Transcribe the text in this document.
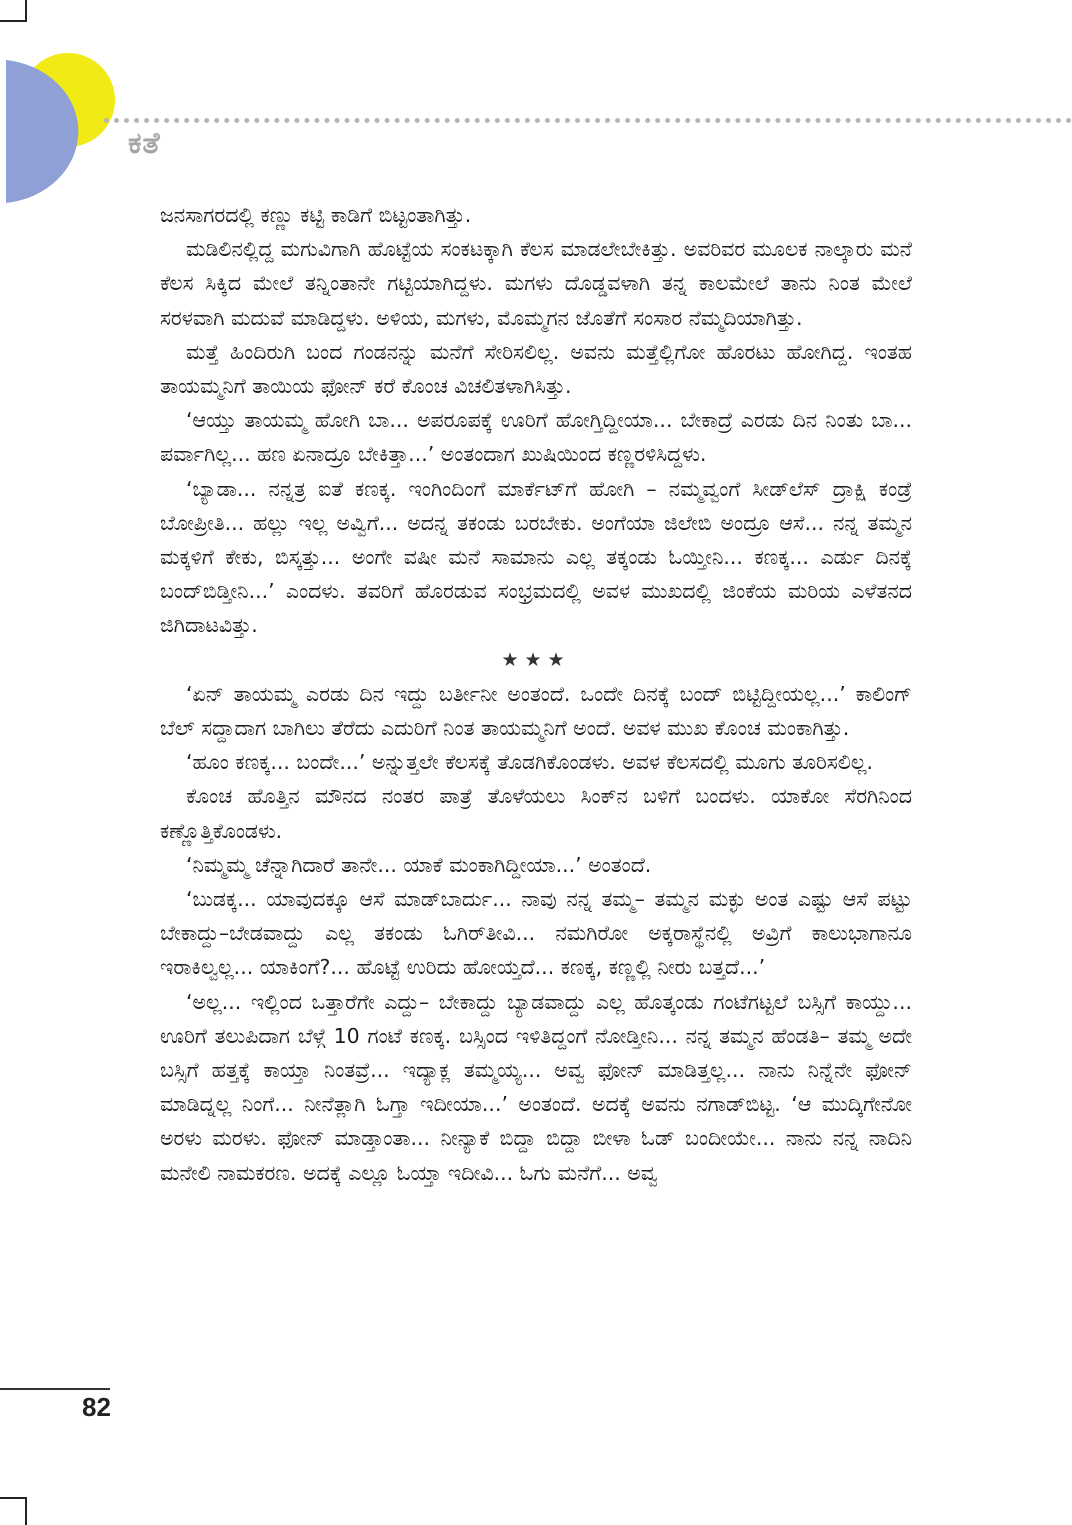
ಕತೆ

ಜನಸಾಗರದಲ್ಲಿ ಕಣ್ಣು ಕಟ್ಟಿ ಕಾಡಿಗೆ ಬಿಟ್ಟಂತಾಗಿತ್ತು.

ಮಡಿಲಿನಲ್ಲಿದ್ದ ಮಗುವಿಗಾಗಿ ಹೊಟ್ಟೆಯ ಸಂಕಟಕ್ಕಾಗಿ ಕೆಲಸ ಮಾಡಲೇಬೇಕಿತ್ತು. ಅವರಿವರ ಮೂಲಕ ನಾಲ್ಕಾರು ಮನೆ ಕೆಲಸ ಸಿಕ್ಕಿದ ಮೇಲೆ ತನ್ನಿಂತಾನೇ ಗಟ್ಟಿಯಾಗಿದ್ದಳು. ಮಗಳು ದೊಡ್ಡವಳಾಗಿ ತನ್ನ ಕಾಲಮೇಲೆ ತಾನು ನಿಂತ ಮೇಲೆ ಸರಳವಾಗಿ ಮದುವೆ ಮಾಡಿದ್ದಳು. ಅಳಿಯ, ಮಗಳು, ಮೊಮ್ಮಗನ ಜೊತೆಗೆ ಸಂಸಾರ ನೆಮ್ಮದಿಯಾಗಿತ್ತು.

ಮತ್ತೆ ಹಿಂದಿರುಗಿ ಬಂದ ಗಂಡನನ್ನು ಮನೆಗೆ ಸೇರಿಸಲಿಲ್ಲ. ಅವನು ಮತ್ತೆಲ್ಲಿಗೋ ಹೊರಟು ಹೋಗಿದ್ದ. ಇಂತಹ ತಾಯಮ್ಮನಿಗೆ ತಾಯಿಯ ಫೋನ್ ಕರೆ ಕೊಂಚ ವಿಚಲಿತಳಾಗಿಸಿತ್ತು.

‘ಆಯ್ತು ತಾಯಮ್ಮ ಹೋಗಿ ಬಾ... ಅಪರೂಪಕ್ಕೆ ಊರಿಗೆ ಹೋಗ್ತಿದ್ದೀಯಾ... ಬೇಕಾದ್ರೆ ಎರಡು ದಿನ ನಿಂತು ಬಾ... ಪರ್ವಾಗಿಲ್ಲ... ಹಣ ಏನಾದ್ರೂ ಬೇಕಿತ್ತಾ...’ ಅಂತಂದಾಗ ಖುಷಿಯಿಂದ ಕಣ್ಣರಳಿಸಿದ್ದಳು.

‘ಬ್ಯಾಡಾ... ನನ್ನತ್ರ ಐತೆ ಕಣಕ್ಕ. ಇಂಗಿಂದಿಂಗೆ ಮಾರ್ಕೆಟ್‌ಗೆ ಹೋಗಿ – ನಮ್ಮವ್ವಂಗೆ ಸೀಡ್‌ಲೆಸ್ ದ್ರಾಕ್ಷಿ ಕಂಡ್ರೆ ಬೋಪ್ರೀತಿ... ಹಲ್ಲು ಇಲ್ಲ ಅವ್ವಿಗೆ... ಅದನ್ನ ತಕಂಡು ಬರಬೇಕು. ಅಂಗೆಯಾ ಜಿಲೇಬಿ ಅಂದ್ರೂ ಆಸೆ... ನನ್ನ ತಮ್ಮನ ಮಕ್ಕಳಿಗೆ ಕೇಕು, ಬಿಸ್ಕತ್ತು... ಅಂಗೇ ವಷೀ ಮನೆ ಸಾಮಾನು ಎಲ್ಲ ತಕ್ಕಂಡು ಓಯ್ತೀನಿ... ಕಣಕ್ಕ... ಎರ್ಡು ದಿನಕ್ಕೆ ಬಂದ್‌ಬಿಡ್ತೀನಿ...’ ಎಂದಳು. ತವರಿಗೆ ಹೊರಡುವ ಸಂಭ್ರಮದಲ್ಲಿ ಅವಳ ಮುಖದಲ್ಲಿ ಜಿಂಕೆಯ ಮರಿಯ ಎಳೆತನದ ಜಿಗಿದಾಟವಿತ್ತು.

★★★

‘ಏನ್ ತಾಯಮ್ಮ ಎರಡು ದಿನ ಇದ್ದು ಬರ್ತೀನೀ ಅಂತಂದೆ. ಒಂದೇ ದಿನಕ್ಕೆ ಬಂದ್ ಬಿಟ್ಟಿದ್ದೀಯಲ್ಲ...’ ಕಾಲಿಂಗ್ ಬೆಲ್ ಸದ್ದಾದಾಗ ಬಾಗಿಲು ತೆರೆದು ಎದುರಿಗೆ ನಿಂತ ತಾಯಮ್ಮನಿಗೆ ಅಂದೆ. ಅವಳ ಮುಖ ಕೊಂಚ ಮಂಕಾಗಿತ್ತು.

‘ಹೂಂ ಕಣಕ್ಕ... ಬಂದೇ...’ ಅನ್ನುತ್ತಲೇ ಕೆಲಸಕ್ಕೆ ತೊಡಗಿಕೊಂಡಳು. ಅವಳ ಕೆಲಸದಲ್ಲಿ ಮೂಗು ತೂರಿಸಲಿಲ್ಲ.

ಕೊಂಚ ಹೊತ್ತಿನ ಮೌನದ ನಂತರ ಪಾತ್ರೆ ತೊಳೆಯಲು ಸಿಂಕ್‌ನ ಬಳಿಗೆ ಬಂದಳು. ಯಾಕೋ ಸೆರಗಿನಿಂದ ಕಣ್ಣೊತ್ತಿಕೊಂಡಳು.

‘ನಿಮ್ಮಮ್ಮ ಚೆನ್ನಾಗಿದಾರೆ ತಾನೇ... ಯಾಕೆ ಮಂಕಾಗಿದ್ದೀಯಾ...’ ಅಂತಂದೆ.

‘ಬುಡಕ್ಕ... ಯಾವುದಕ್ಕೂ ಆಸೆ ಮಾಡ್‌ಬಾರ್ದು... ನಾವು ನನ್ನ ತಮ್ಮ– ತಮ್ಮನ ಮಕ್ಳು ಅಂತ ಎಷ್ಟು ಆಸೆ ಪಟ್ಟು ಬೇಕಾದ್ದು–ಬೇಡವಾದ್ದು ಎಲ್ಲ ತಕಂಡು ಓಗಿರ್‌ತೀವಿ... ನಮಗಿರೋ ಅಕ್ಕರಾಸ್ಥೆನಲ್ಲಿ ಅವ್ರಿಗೆ ಕಾಲುಭಾಗಾನೂ ಇರಾಕಿಲ್ವಲ್ಲ... ಯಾಕಿಂಗೆ?... ಹೊಟ್ಟೆ ಉರಿದು ಹೋಯ್ತದೆ... ಕಣಕ್ಕ, ಕಣ್ಣಲ್ಲಿ ನೀರು ಬತ್ತದೆ...’

‘ಅಲ್ಲ... ಇಲ್ಲಿಂದ ಒತ್ತಾರೆಗೇ ಎದ್ದು– ಬೇಕಾದ್ದು ಬ್ಯಾಡವಾದ್ದು ಎಲ್ಲ ಹೊತ್ಕಂಡು ಗಂಟೆಗಟ್ಟಲೆ ಬಸ್ಸಿಗೆ ಕಾಯ್ದು... ಊರಿಗೆ ತಲುಪಿದಾಗ ಬೆಳ್ಗೆ 10 ಗಂಟೆ ಕಣಕ್ಕ. ಬಸ್ಸಿಂದ ಇಳಿತಿದ್ದಂಗೆ ನೋಡ್ತೀನಿ... ನನ್ನ ತಮ್ಮನ ಹೆಂಡತಿ– ತಮ್ಮ ಅದೇ ಬಸ್ಸಿಗೆ ಹತ್ತಕ್ಕೆ ಕಾಯ್ತಾ ನಿಂತವ್ರೆ... ಇದ್ಯಾಕ್ಲ ತಮ್ಮಯ್ಯ... ಅವ್ವ ಫೋನ್ ಮಾಡಿತ್ತಲ್ಲ... ನಾನು ನಿನ್ನೆನೇ ಫೋನ್ ಮಾಡಿದ್ನಲ್ಲ ನಿಂಗೆ... ನೀನೆತ್ಲಾಗಿ ಓಗ್ತಾ ಇದೀಯಾ...’ ಅಂತಂದೆ. ಅದಕ್ಕೆ ಅವನು ನಗಾಡ್‌ಬಿಟ್ಟ. ‘ಆ ಮುದ್ಕಿಗೇನೋ ಅರಳು ಮರಳು. ಫೋನ್ ಮಾಡ್ತಾಂತಾ... ನೀನ್ಯಾಕೆ ಬಿದ್ದಾ ಬಿದ್ದಾ ಬೀಳಾ ಓಡ್ ಬಂದೀಯೇ... ನಾನು ನನ್ನ ನಾದಿನಿ ಮನೇಲಿ ನಾಮಕರಣ. ಅದಕ್ಕೆ ಎಲ್ಲೂ ಓಯ್ತಾ ಇದೀವಿ... ಓಗು ಮನೆಗೆ... ಅವ್ವ

82
